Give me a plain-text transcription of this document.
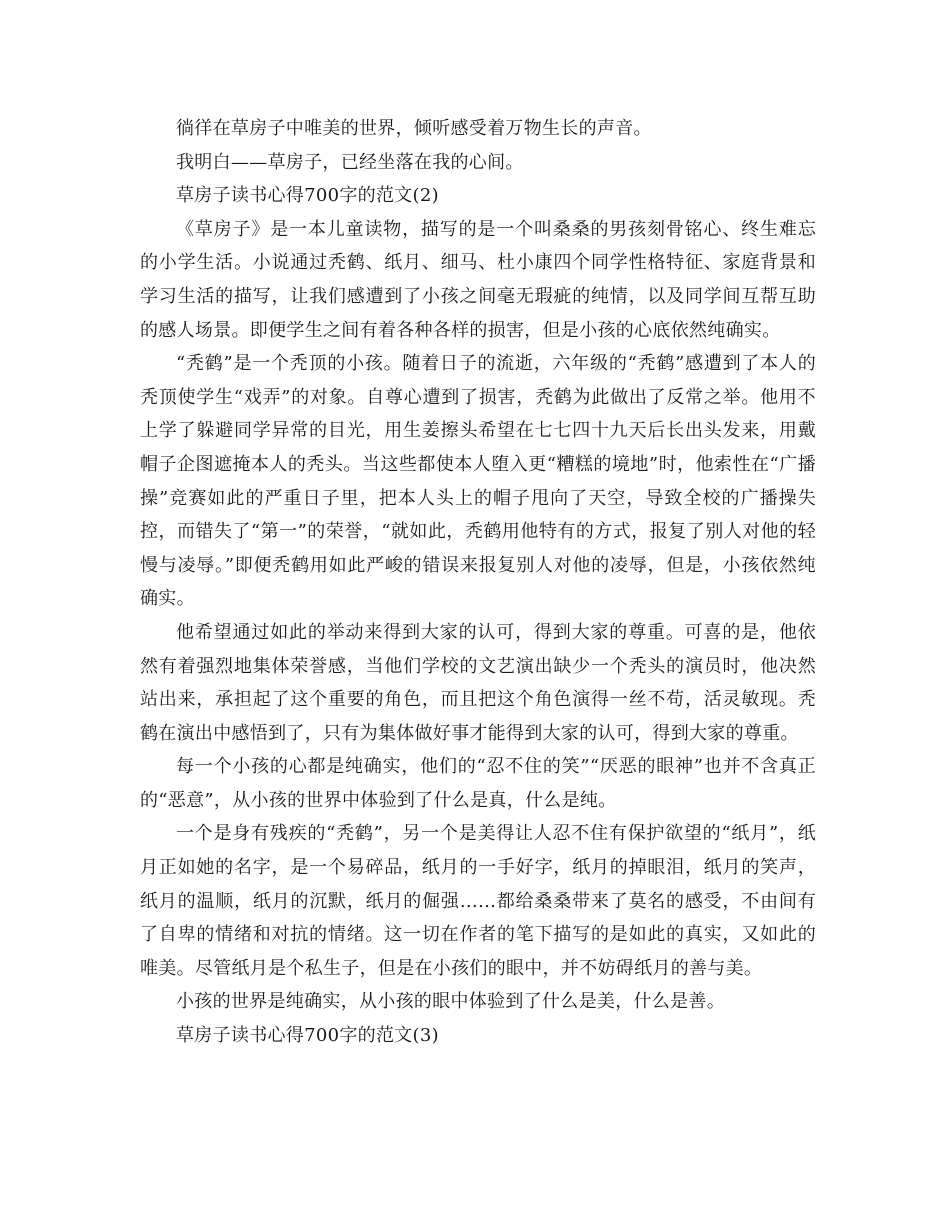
徜徉在草房子中唯美的世界，倾听感受着万物生长的声音。

我明白——草房子，已经坐落在我的心间。

草房子读书心得700字的范文(2)

《草房子》是一本儿童读物，描写的是一个叫桑桑的男孩刻骨铭心、终生难忘的小学生活。小说通过秃鹤、纸月、细马、杜小康四个同学性格特征、家庭背景和学习生活的描写，让我们感遭到了小孩之间毫无瑕疵的纯情，以及同学间互帮互助的感人场景。即便学生之间有着各种各样的损害，但是小孩的心底依然纯确实。

“秃鹤”是一个秃顶的小孩。随着日子的流逝，六年级的“秃鹤”感遭到了本人的秃顶使学生“戏弄”的对象。自尊心遭到了损害，秃鹤为此做出了反常之举。他用不上学了躲避同学异常的目光，用生姜擦头希望在七七四十九天后长出头发来，用戴帽子企图遮掩本人的秃头。当这些都使本人堕入更“糟糕的境地”时，他索性在“广播操”竞赛如此的严重日子里，把本人头上的帽子甩向了天空，导致全校的广播操失控，而错失了“第一”的荣誉，“就如此，秃鹤用他特有的方式，报复了别人对他的轻慢与凌辱。”即便秃鹤用如此严峻的错误来报复别人对他的凌辱，但是，小孩依然纯确实。

他希望通过如此的举动来得到大家的认可，得到大家的尊重。可喜的是，他依然有着强烈地集体荣誉感，当他们学校的文艺演出缺少一个秃头的演员时，他决然站出来，承担起了这个重要的角色，而且把这个角色演得一丝不苟，活灵敏现。秃鹤在演出中感悟到了，只有为集体做好事才能得到大家的认可，得到大家的尊重。

每一个小孩的心都是纯确实，他们的“忍不住的笑”“厌恶的眼神”也并不含真正的“恶意”，从小孩的世界中体验到了什么是真，什么是纯。

一个是身有残疾的“秃鹤”，另一个是美得让人忍不住有保护欲望的“纸月”，纸月正如她的名字，是一个易碎品，纸月的一手好字，纸月的掉眼泪，纸月的笑声，纸月的温顺，纸月的沉默，纸月的倔强……都给桑桑带来了莫名的感受，不由间有了自卑的情绪和对抗的情绪。这一切在作者的笔下描写的是如此的真实，又如此的唯美。尽管纸月是个私生子，但是在小孩们的眼中，并不妨碍纸月的善与美。

小孩的世界是纯确实，从小孩的眼中体验到了什么是美，什么是善。

草房子读书心得700字的范文(3)
